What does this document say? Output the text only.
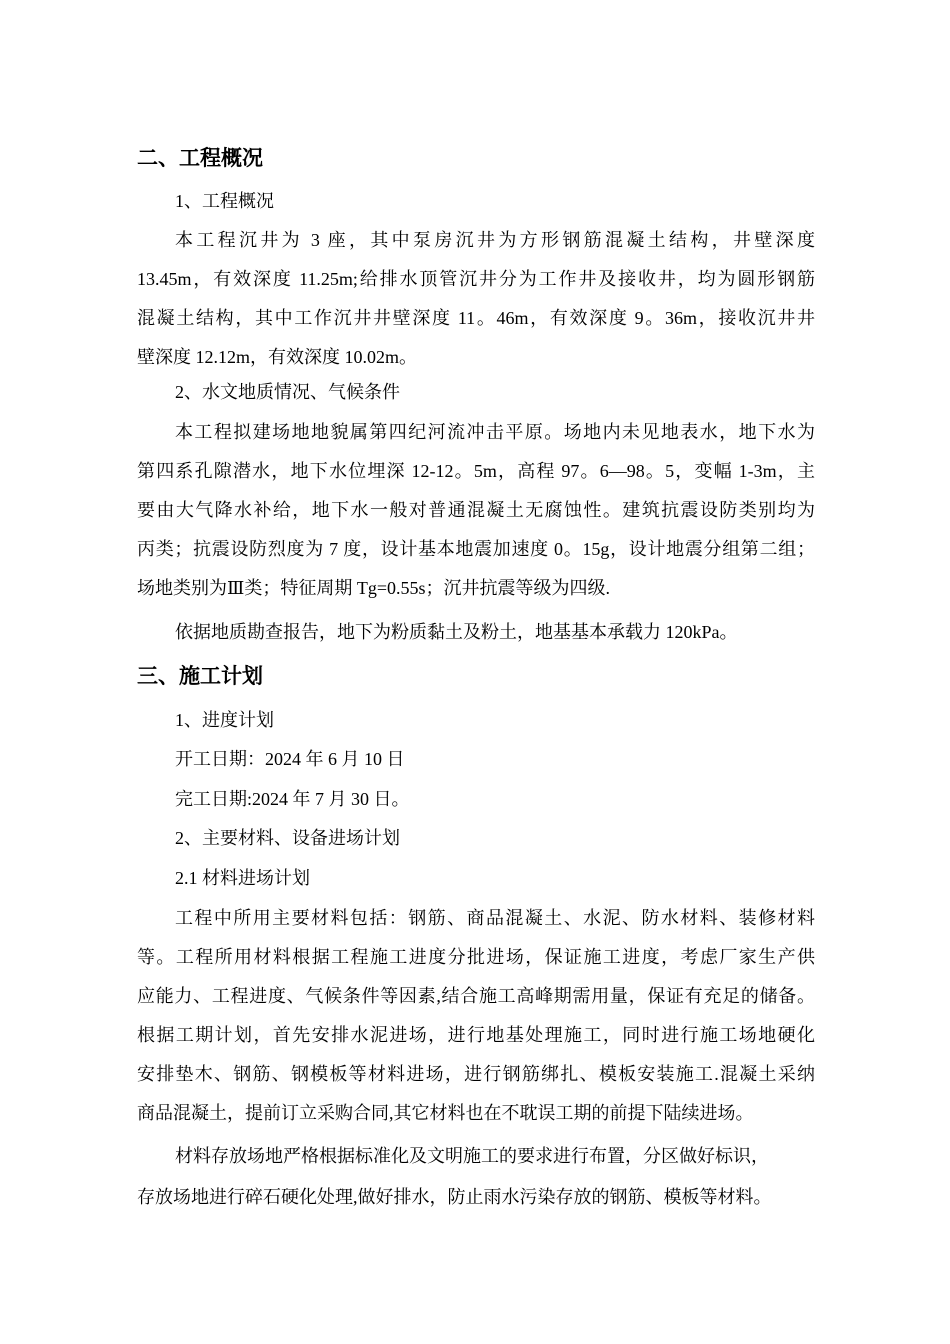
二、工程概况
1、工程概况
本工程沉井为 3 座，其中泵房沉井为方形钢筋混凝土结构，井壁深度
13.45m，有效深度 11.25m;给排水顶管沉井分为工作井及接收井，均为圆形钢筋
混凝土结构，其中工作沉井井壁深度 11。46m，有效深度 9。36m，接收沉井井
壁深度 12.12m，有效深度 10.02m。
2、水文地质情况、气候条件
本工程拟建场地地貌属第四纪河流冲击平原。场地内未见地表水，地下水为
第四系孔隙潜水，地下水位埋深 12-12。5m，高程 97。6—98。5，变幅 1-3m，主
要由大气降水补给，地下水一般对普通混凝土无腐蚀性。建筑抗震设防类别均为
丙类；抗震设防烈度为 7 度，设计基本地震加速度 0。15g，设计地震分组第二组；
场地类别为Ⅲ类；特征周期 Tg=0.55s；沉井抗震等级为四级.
依据地质勘查报告，地下为粉质黏土及粉土，地基基本承载力 120kPa。
三、施工计划
1、进度计划
开工日期：2024 年 6 月 10 日
完工日期:2024 年 7 月 30 日。
2、主要材料、设备进场计划
2.1 材料进场计划
工程中所用主要材料包括：钢筋、商品混凝土、水泥、防水材料、装修材料
等。工程所用材料根据工程施工进度分批进场，保证施工进度，考虑厂家生产供
应能力、工程进度、气候条件等因素,结合施工高峰期需用量，保证有充足的储备。
根据工期计划，首先安排水泥进场，进行地基处理施工，同时进行施工场地硬化
安排垫木、钢筋、钢模板等材料进场，进行钢筋绑扎、模板安装施工.混凝土采纳
商品混凝土，提前订立采购合同,其它材料也在不耽误工期的前提下陆续进场。
材料存放场地严格根据标准化及文明施工的要求进行布置，分区做好标识，
存放场地进行碎石硬化处理,做好排水，防止雨水污染存放的钢筋、模板等材料。
